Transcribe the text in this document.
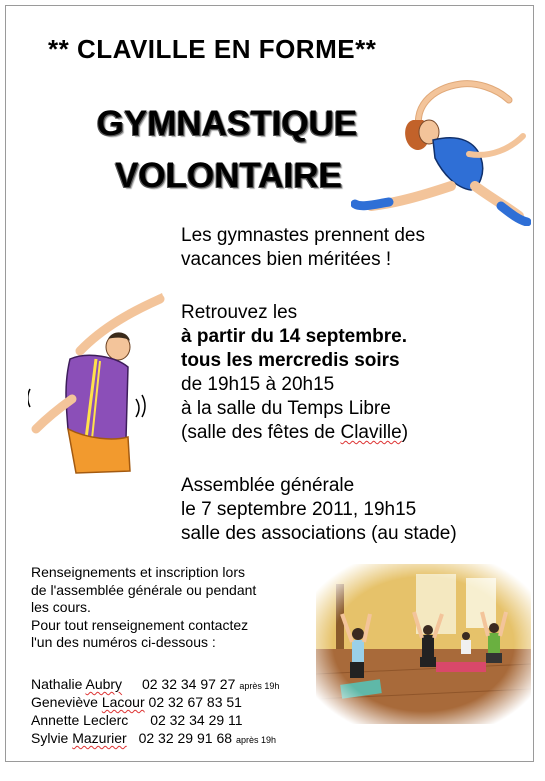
** CLAVILLE EN FORME**
GYMNASTIQUE
VOLONTAIRE
Les gymnastes prennent des
vacances bien méritées !
Retrouvez les
à partir du 14 septembre.
tous les mercredis soirs
de 19h15 à 20h15
à la salle du Temps Libre
(salle des fêtes de Claville)
Assemblée générale
le 7 septembre 2011, 19h15
salle des associations (au stade)
Renseignements et inscription lors
de l'assemblée générale ou pendant
les cours.
Pour tout renseignement contactez
l'un des numéros ci-dessous :
Nathalie Aubry 02 32 34 97 27 après 19h
Geneviève Lacour 02 32 67 83 51
Annette Leclerc 02 32 34 29 11
Sylvie Mazurier 02 32 29 91 68 après 19h
